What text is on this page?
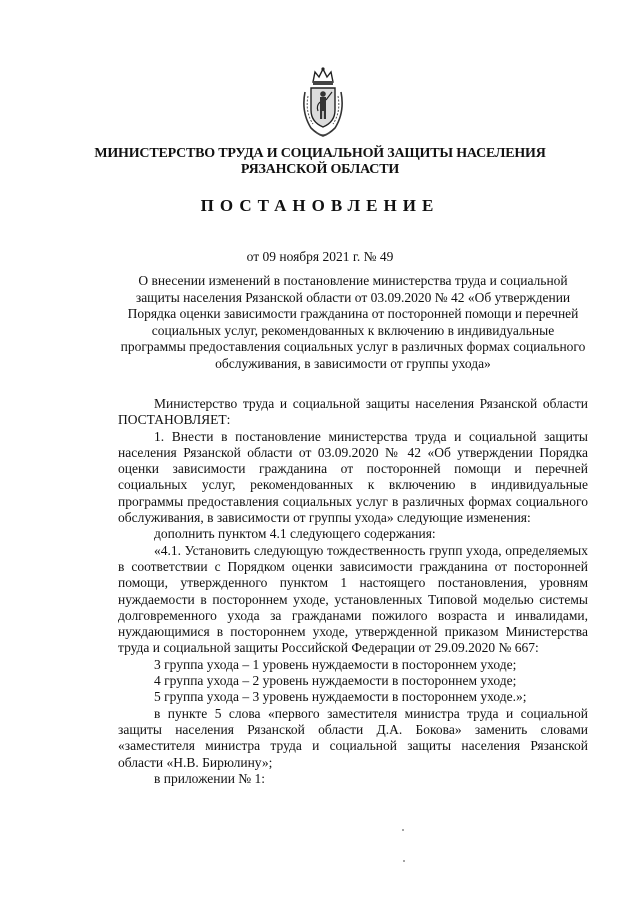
МИНИСТЕРСТВО ТРУДА И СОЦИАЛЬНОЙ ЗАЩИТЫ НАСЕЛЕНИЯ
РЯЗАНСКОЙ ОБЛАСТИ
ПОСТАНОВЛЕНИЕ
от 09 ноября 2021 г. № 49
О внесении изменений в постановление министерства труда и социальной защиты населения Рязанской области от 03.09.2020 № 42 «Об утверждении Порядка оценки зависимости гражданина от посторонней помощи и перечней социальных услуг, рекомендованных к включению в индивидуальные программы предоставления социальных услуг в различных формах социального обслуживания, в зависимости от группы ухода»

Министерство труда и социальной защиты населения Рязанской области ПОСТАНОВЛЯЕТ:

1. Внести в постановление министерства труда и социальной защиты населения Рязанской области от 03.09.2020 № 42 «Об утверждении Порядка оценки зависимости гражданина от посторонней помощи и перечней социальных услуг, рекомендованных к включению в индивидуальные программы предоставления социальных услуг в различных формах социального обслуживания, в зависимости от группы ухода» следующие изменения:

дополнить пунктом 4.1 следующего содержания:

«4.1. Установить следующую тождественность групп ухода, определяемых в соответствии с Порядком оценки зависимости гражданина от посторонней помощи, утвержденного пунктом 1 настоящего постановления, уровням нуждаемости в постороннем уходе, установленных Типовой моделью системы долговременного ухода за гражданами пожилого возраста и инвалидами, нуждающимися в постороннем уходе, утвержденной приказом Министерства труда и социальной защиты Российской Федерации от 29.09.2020 № 667:

3 группа ухода – 1 уровень нуждаемости в постороннем уходе;

4 группа ухода – 2 уровень нуждаемости в постороннем уходе;

5 группа ухода – 3 уровень нуждаемости в постороннем уходе.»;

в пункте 5 слова «первого заместителя министра труда и социальной защиты населения Рязанской области Д.А. Бокова» заменить словами «заместителя министра труда и социальной защиты населения Рязанской области «Н.В. Бирюлину»;

в приложении № 1:
